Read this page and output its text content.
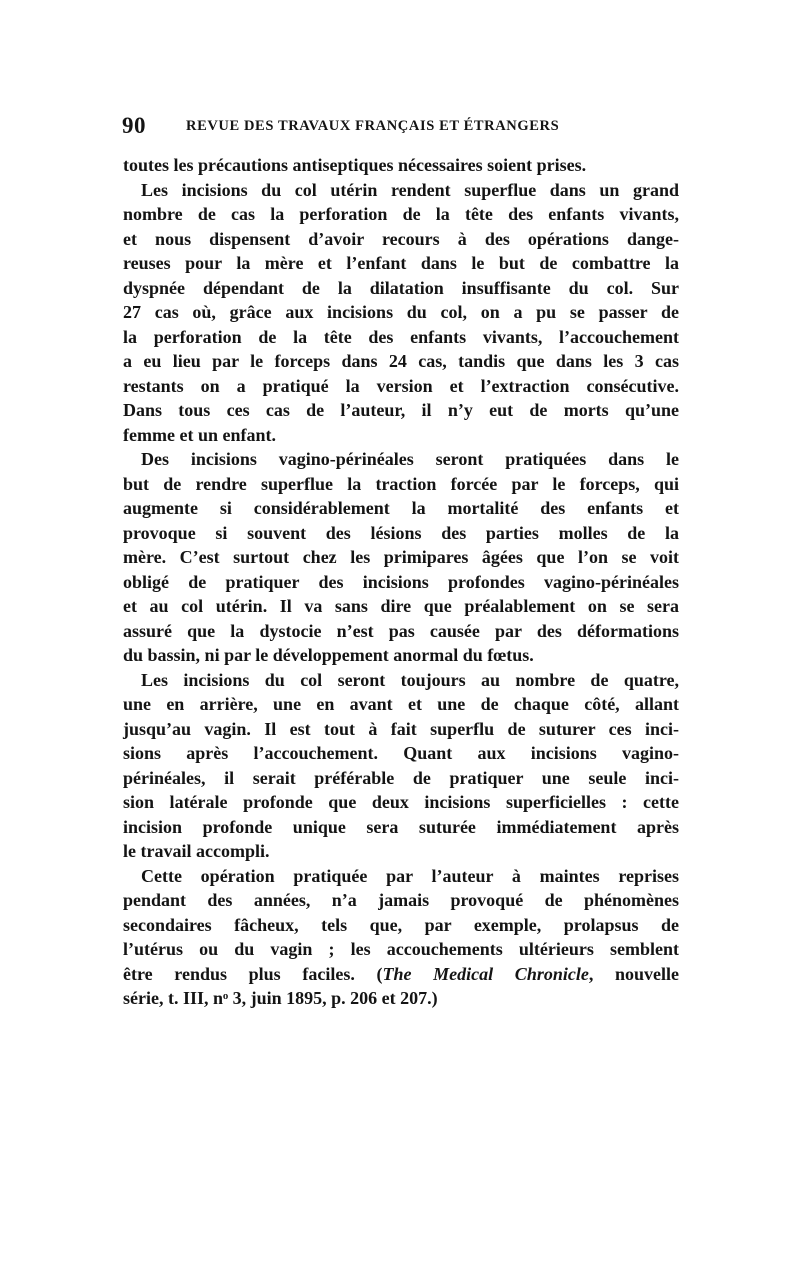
90	REVUE DES TRAVAUX FRANÇAIS ET ÉTRANGERS
toutes les précautions antiseptiques nécessaires soient prises.
Les incisions du col utérin rendent superflue dans un grand
nombre de cas la perforation de la tête des enfants vivants,
et nous dispensent d’avoir recours à des opérations dange-
reuses pour la mère et l’enfant dans le but de combattre la
dyspnée dépendant de la dilatation insuffisante du col. Sur
27 cas où, grâce aux incisions du col, on a pu se passer de
la perforation de la tête des enfants vivants, l’accouchement
a eu lieu par le forceps dans 24 cas, tandis que dans les 3 cas
restants on a pratiqué la version et l’extraction consécutive.
Dans tous ces cas de l’auteur, il n’y eut de morts qu’une
femme et un enfant.
Des incisions vagino-périnéales seront pratiquées dans le
but de rendre superflue la traction forcée par le forceps, qui
augmente si considérablement la mortalité des enfants et
provoque si souvent des lésions des parties molles de la
mère. C’est surtout chez les primipares âgées que l’on se voit
obligé de pratiquer des incisions profondes vagino-périnéales
et au col utérin. Il va sans dire que préalablement on se sera
assuré que la dystocie n’est pas causée par des déformations
du bassin, ni par le développement anormal du fœtus.
Les incisions du col seront toujours au nombre de quatre,
une en arrière, une en avant et une de chaque côté, allant
jusqu’au vagin. Il est tout à fait superflu de suturer ces inci-
sions après l’accouchement. Quant aux incisions vagino-
périnéales, il serait préférable de pratiquer une seule inci-
sion latérale profonde que deux incisions superficielles : cette
incision profonde unique sera suturée immédiatement après
le travail accompli.
Cette opération pratiquée par l’auteur à maintes reprises
pendant des années, n’a jamais provoqué de phénomènes
secondaires fâcheux, tels que, par exemple, prolapsus de
l’utérus ou du vagin ; les accouchements ultérieurs semblent
être rendus plus faciles. (The Medical Chronicle, nouvelle
série, t. III, nᵒ 3, juin 1895, p. 206 et 207.)
